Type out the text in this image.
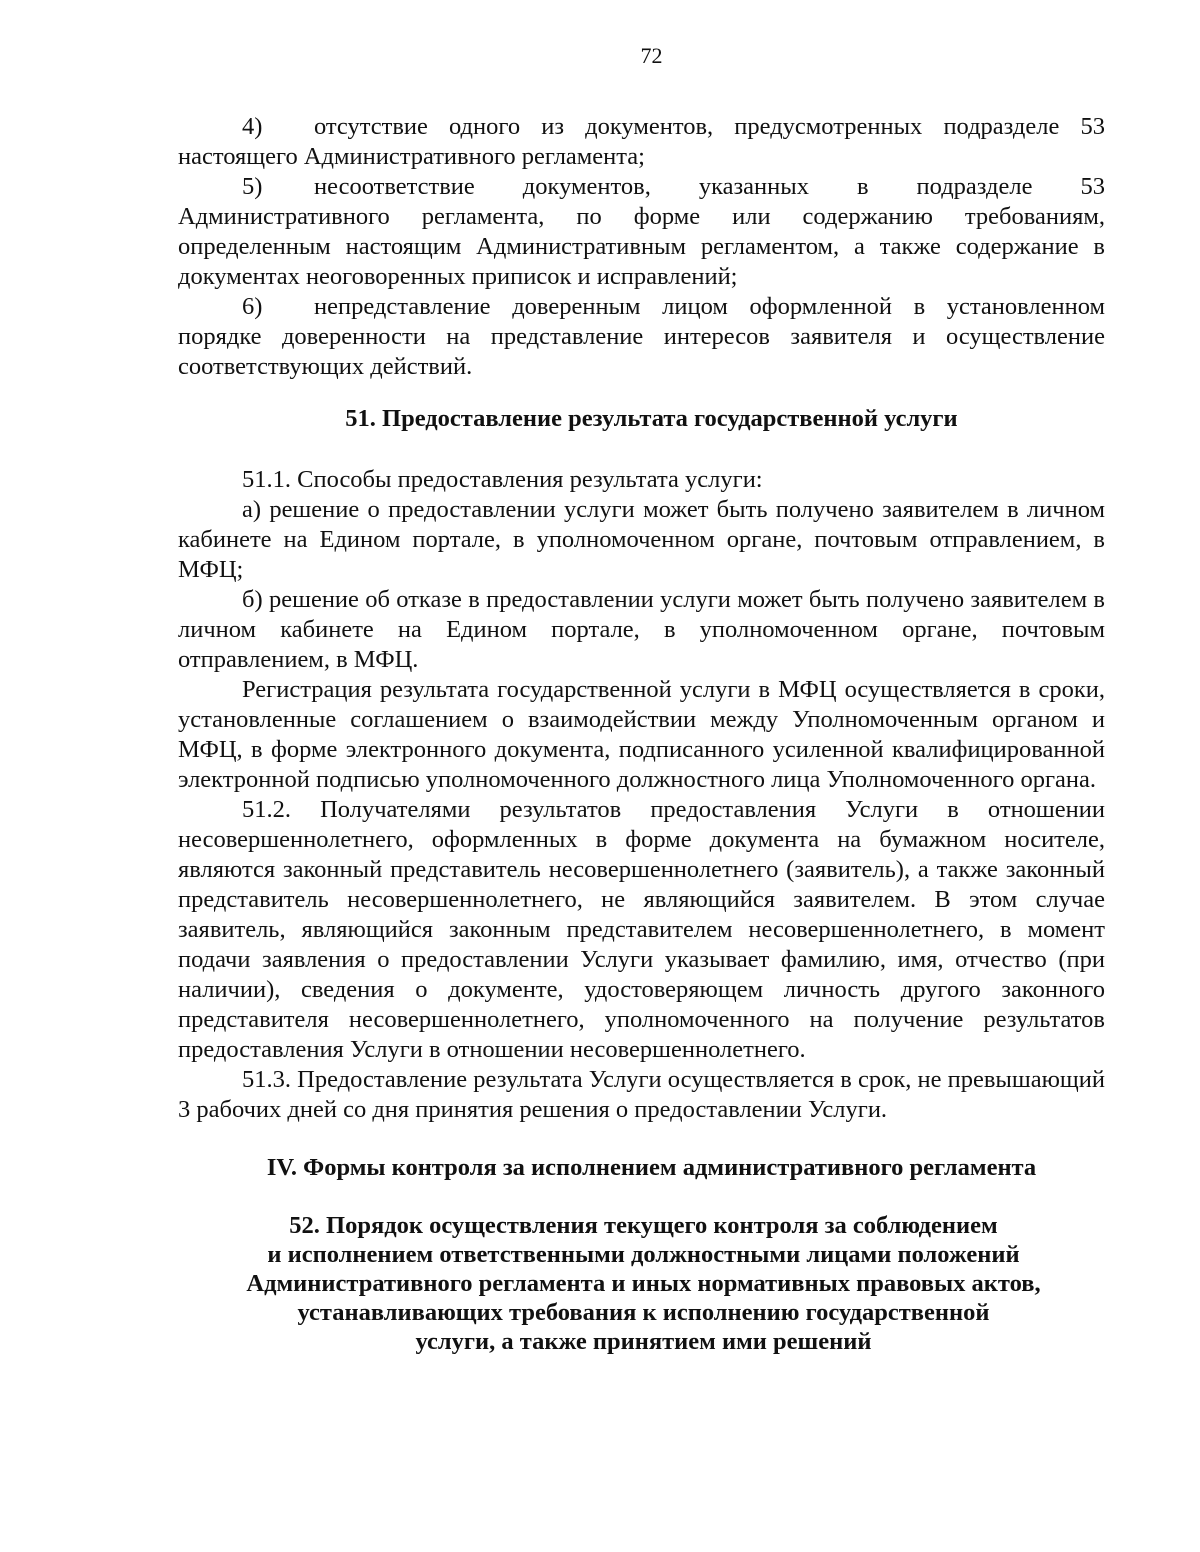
72

4) отсутствие одного из документов, предусмотренных подразделе 53 настоящего Административного регламента;

5) несоответствие документов, указанных в подразделе 53 Административного регламента, по форме или содержанию требованиям, определенным настоящим Административным регламентом, а также содержание в документах неоговоренных приписок и исправлений;

6) непредставление доверенным лицом оформленной в установленном порядке доверенности на представление интересов заявителя и осуществление соответствующих действий.

51. Предоставление результата государственной услуги

51.1. Способы предоставления результата услуги:

а) решение о предоставлении услуги может быть получено заявителем в личном кабинете на Едином портале, в уполномоченном органе, почтовым отправлением, в МФЦ;

б) решение об отказе в предоставлении услуги может быть получено заявителем в личном кабинете на Едином портале, в уполномоченном органе, почтовым отправлением, в МФЦ.

Регистрация результата государственной услуги в МФЦ осуществляется в сроки, установленные соглашением о взаимодействии между Уполномоченным органом и МФЦ, в форме электронного документа, подписанного усиленной квалифицированной электронной подписью уполномоченного должностного лица Уполномоченного органа.

51.2. Получателями результатов предоставления Услуги в отношении несовершеннолетнего, оформленных в форме документа на бумажном носителе, являются законный представитель несовершеннолетнего (заявитель), а также законный представитель несовершеннолетнего, не являющийся заявителем. В этом случае заявитель, являющийся законным представителем несовершеннолетнего, в момент подачи заявления о предоставлении Услуги указывает фамилию, имя, отчество (при наличии), сведения о документе, удостоверяющем личность другого законного представителя несовершеннолетнего, уполномоченного на получение результатов предоставления Услуги в отношении несовершеннолетнего.

51.3. Предоставление результата Услуги осуществляется в срок, не превышающий 3 рабочих дней со дня принятия решения о предоставлении Услуги.

IV. Формы контроля за исполнением административного регламента
52. Порядок осуществления текущего контроля за соблюдением
и исполнением ответственными должностными лицами положений
Административного регламента и иных нормативных правовых актов,
устанавливающих требования к исполнению государственной
услуги, а также принятием ими решений
